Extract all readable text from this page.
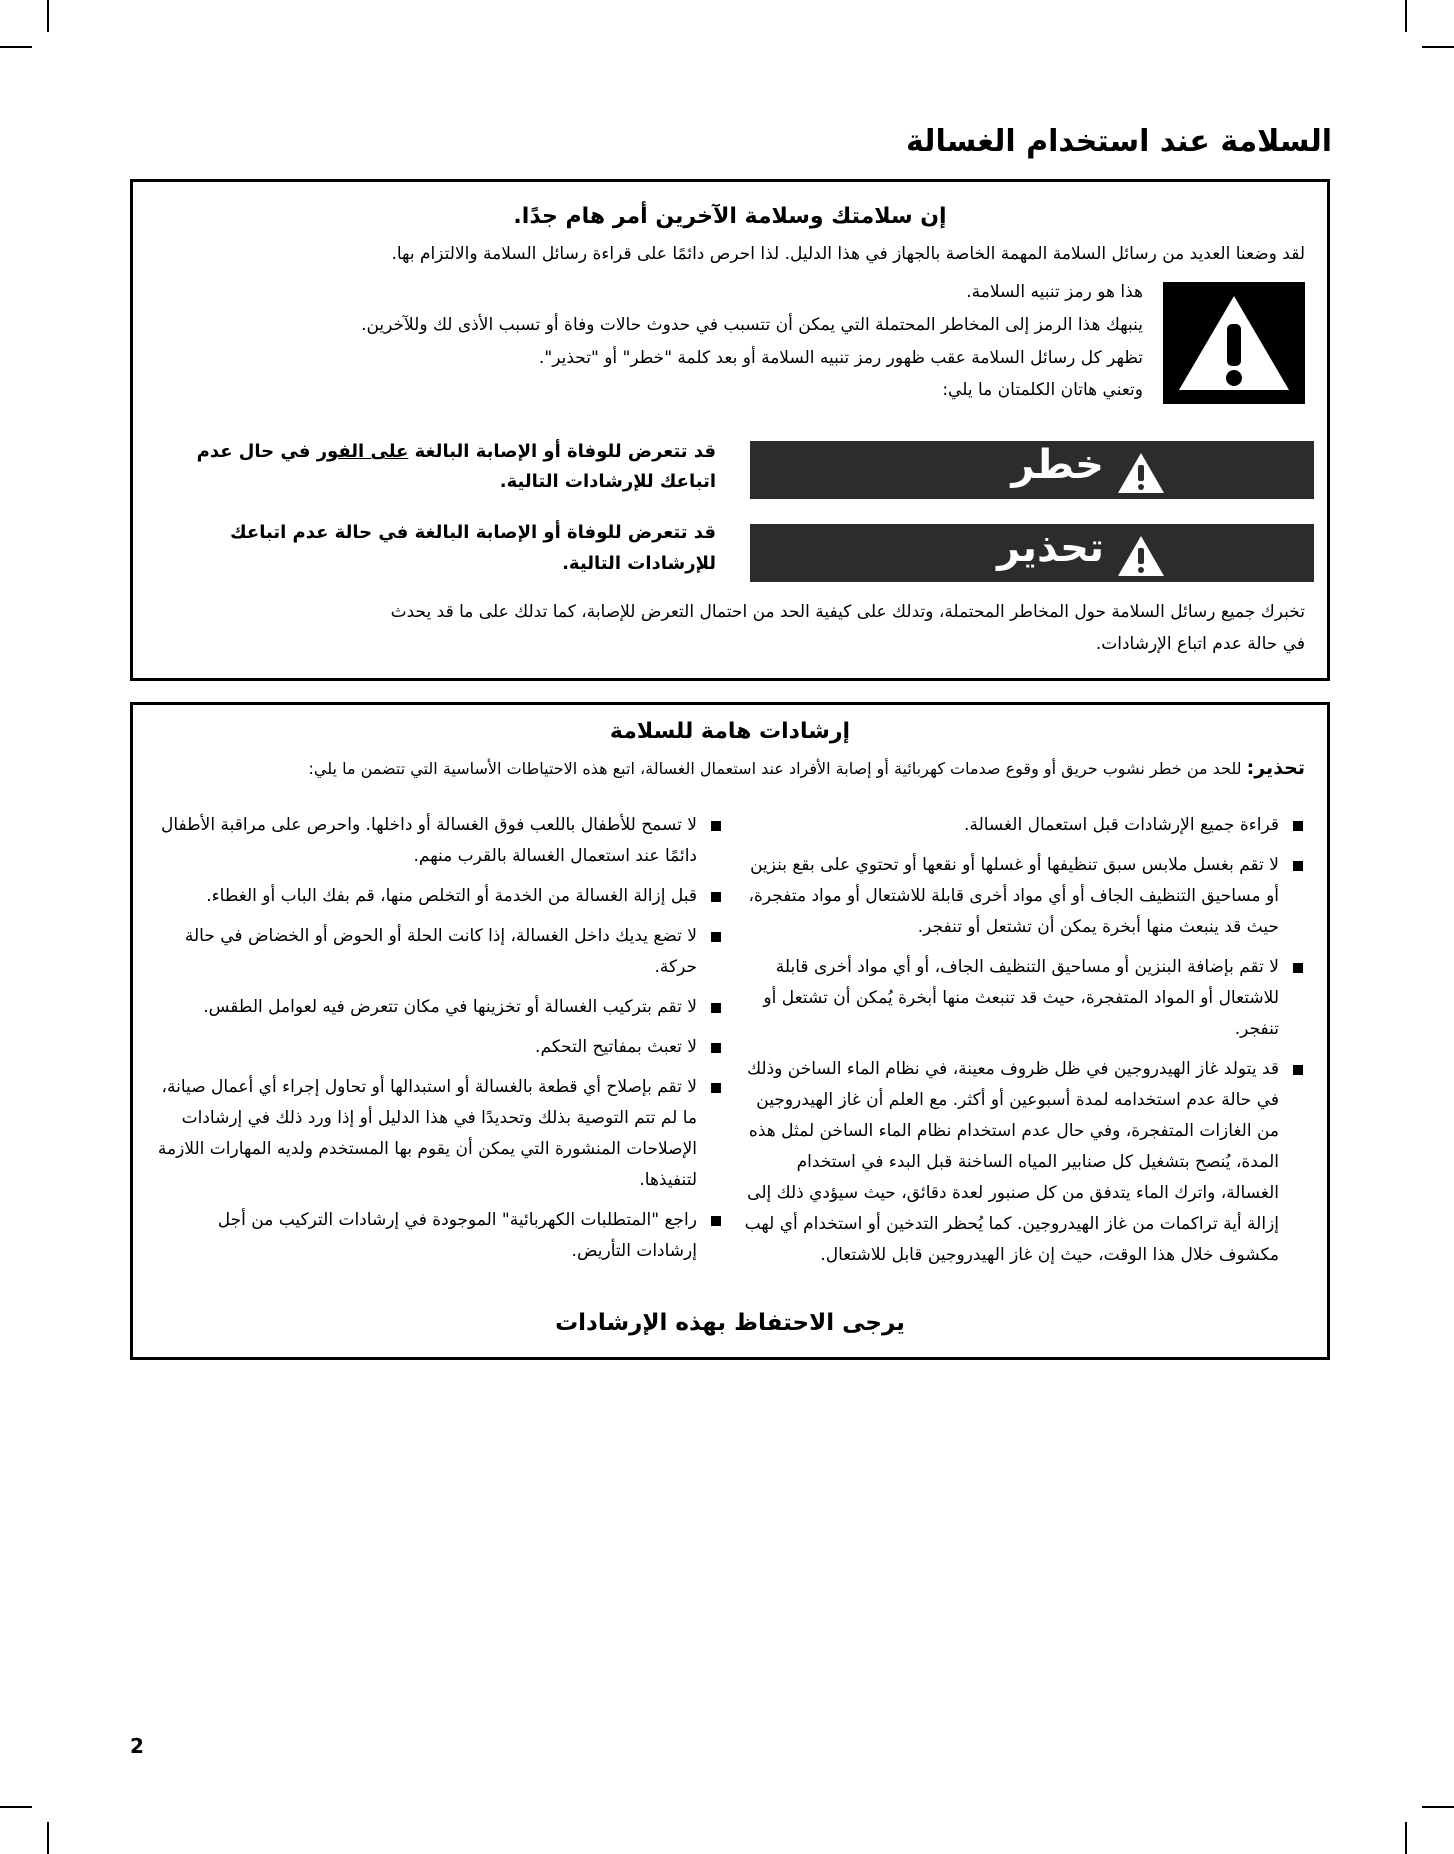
السلامة عند استخدام الغسالة
إن سلامتك وسلامة الآخرين أمر هام جدًا.
لقد وضعنا العديد من رسائل السلامة المهمة الخاصة بالجهاز في هذا الدليل. لذا احرص دائمًا على قراءة رسائل السلامة والالتزام بها.
هذا هو رمز تنبيه السلامة.
ينبهك هذا الرمز إلى المخاطر المحتملة التي يمكن أن تتسبب في حدوث حالات وفاة أو تسبب الأذى لك وللآخرين.
تظهر كل رسائل السلامة عقب ظهور رمز تنبيه السلامة أو بعد كلمة "خطر" أو "تحذير".
وتعني هاتان الكلمتان ما يلي:
خطر
قد تتعرض للوفاة أو الإصابة البالغة على الفور في حال عدم
اتباعك للإرشادات التالية.
تحذير
قد تتعرض للوفاة أو الإصابة البالغة في حالة عدم اتباعك
للإرشادات التالية.
تخبرك جميع رسائل السلامة حول المخاطر المحتملة، وتدلك على كيفية الحد من احتمال التعرض للإصابة، كما تدلك على ما قد يحدث
في حالة عدم اتباع الإرشادات.
إرشادات هامة للسلامة
تحذير: للحد من خطر نشوب حريق أو وقوع صدمات كهربائية أو إصابة الأفراد عند استعمال الغسالة، اتبع هذه الاحتياطات الأساسية التي تتضمن ما يلي:
قراءة جميع الإرشادات قبل استعمال الغسالة.
لا تقم بغسل ملابس سبق تنظيفها أو غسلها أو نقعها أو تحتوي على بقع بنزين أو مساحيق التنظيف الجاف أو أي مواد أخرى قابلة للاشتعال أو مواد متفجرة، حيث قد ينبعث منها أبخرة يمكن أن تشتعل أو تنفجر.
لا تقم بإضافة البنزين أو مساحيق التنظيف الجاف، أو أي مواد أخرى قابلة للاشتعال أو المواد المتفجرة، حيث قد تنبعث منها أبخرة يُمكن أن تشتعل أو تنفجر.
قد يتولد غاز الهيدروجين في ظل ظروف معينة، في نظام الماء الساخن وذلك في حالة عدم استخدامه لمدة أسبوعين أو أكثر. مع العلم أن غاز الهيدروجين من الغازات المتفجرة، وفي حال عدم استخدام نظام الماء الساخن لمثل هذه المدة، يُنصح بتشغيل كل صنابير المياه الساخنة قبل البدء في استخدام الغسالة، واترك الماء يتدفق من كل صنبور لعدة دقائق، حيث سيؤدي ذلك إلى إزالة أية تراكمات من غاز الهيدروجين. كما يُحظر التدخين أو استخدام أي لهب مكشوف خلال هذا الوقت، حيث إن غاز الهيدروجين قابل للاشتعال.
لا تسمح للأطفال باللعب فوق الغسالة أو داخلها. واحرص على مراقبة الأطفال دائمًا عند استعمال الغسالة بالقرب منهم.
قبل إزالة الغسالة من الخدمة أو التخلص منها، قم بفك الباب أو الغطاء.
لا تضع يديك داخل الغسالة، إذا كانت الحلة أو الحوض أو الخضاض في حالة حركة.
لا تقم بتركيب الغسالة أو تخزينها في مكان تتعرض فيه لعوامل الطقس.
لا تعبث بمفاتيح التحكم.
لا تقم بإصلاح أي قطعة بالغسالة أو استبدالها أو تحاول إجراء أي أعمال صيانة، ما لم تتم التوصية بذلك وتحديدًا في هذا الدليل أو إذا ورد ذلك في إرشادات الإصلاحات المنشورة التي يمكن أن يقوم بها المستخدم ولديه المهارات اللازمة لتنفيذها.
راجع "المتطلبات الكهربائية" الموجودة في إرشادات التركيب من أجل إرشادات التأريض.
يرجى الاحتفاظ بهذه الإرشادات
2
